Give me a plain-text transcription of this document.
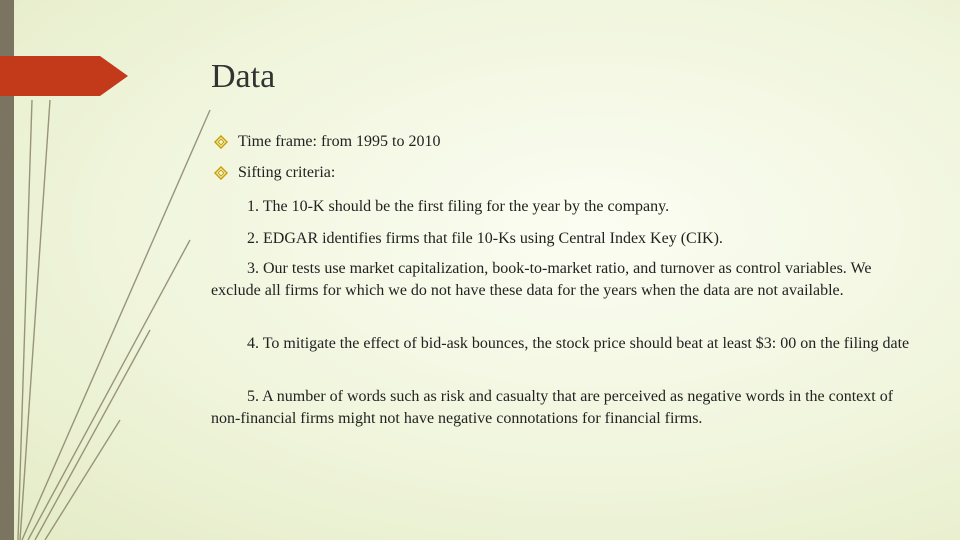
Data
Time frame: from 1995 to 2010
Sifting criteria:

1. The 10-K should be the first filing for the year by the company.

2. EDGAR identifies firms that file 10-Ks using Central Index Key (CIK).

3. Our tests use market capitalization, book-to-market ratio, and turnover as control variables. We exclude all firms for which we do not have these data for the years when the data are not available.

4. To mitigate the effect of bid-ask bounces, the stock price should beat at least $3: 00 on the filing date

5. A number of words such as risk and casualty that are perceived as negative words in the context of non-financial firms might not have negative connotations for financial firms.
